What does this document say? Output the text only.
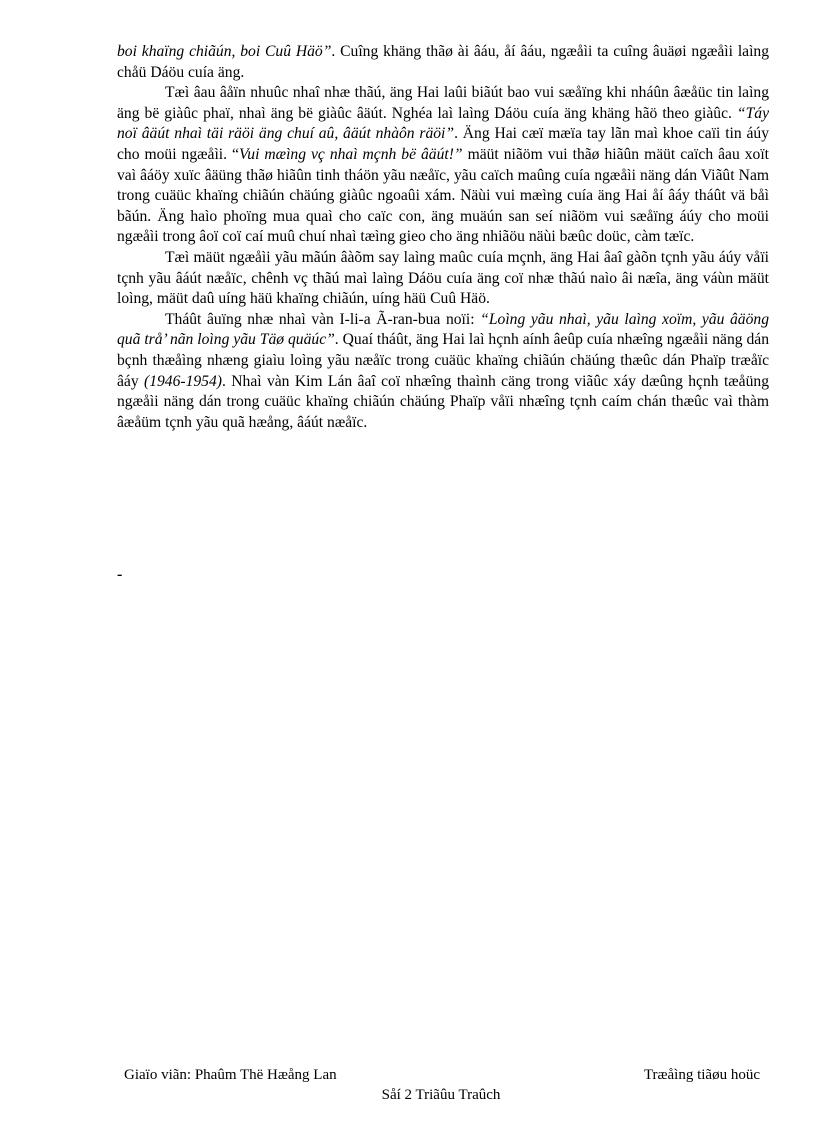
boi khaïng chiãún, boi Cuû Häö”. Cuîng khäng thãø ài âáu, åí âáu, ngæåìi ta cuîng âuäøi ngæåìi laìng chåü Dáöu cuía äng.

Tæì âau âåïn nhuûc nhaî nhæ thãú, äng Hai laûi biãút bao vui sæåïng khi nháûn âæåüc tin laìng äng bë giàûc phaï, nhaì äng bë giàûc âäút. Nghéa laì laìng Dáöu cuía äng khäng hãö theo giàûc. “Táy noï âäút nhaì täi räöi äng chuí aû, âäút nhàôn räöi”. Äng Hai cæï mæïa tay lãn maì khoe caïi tin áúy cho moüi ngæåìi. “Vui mæìng vç nhaì mçnh bë âäút!” mäüt niãöm vui thãø hiãûn mäüt caïch âau xoït vaì âáöy xuïc âäüng thãø hiãûn tinh tháön yãu næåïc, yãu caïch maûng cuía ngæåìi näng dán Viãût Nam trong cuäüc khaïng chiãún chäúng giàûc ngoaûi xám. Näùi vui mæìng cuía äng Hai åí âáy tháût vä båì bãún. Äng haìo phoïng mua quaì cho caïc con, äng muäún san seí niãöm vui sæåïng áúy cho moüi ngæåìi trong âoï coï caí muû chuí nhaì tæìng gieo cho äng nhiãöu näùi bæûc doüc, càm tæïc.

Tæì mäüt ngæåìi yãu mãún âàõm say laìng maûc cuía mçnh, äng Hai âaî gàõn tçnh yãu áúy våïi tçnh yãu âáút næåïc, chênh vç thãú maì laìng Dáöu cuía äng coï nhæ thãú naìo âi næîa, äng váùn mäüt loìng, mäüt daû uíng häü khaïng chiãún, uíng häü Cuû Häö.

Tháût âuïng nhæ nhaì vàn I-li-a Ã-ran-bua noïi: “Loìng yãu nhaì, yãu laìng xoïm, yãu âäöng quã trå’ nãn loìng yãu Täø quäúc”. Quaí tháût, äng Hai laì hçnh aính âeûp cuía nhæîng ngæåìi näng dán bçnh thæåìng nhæng giaìu loìng yãu næåïc trong cuäüc khaïng chiãún chäúng thæûc dán Phaïp træåïc âáy (1946-1954). Nhaì vàn Kim Lán âaî coï nhæîng thaình cäng trong viãûc xáy dæûng hçnh tæåüng ngæåìi näng dán trong cuäüc khaïng chiãún chäúng Phaïp våïi nhæîng tçnh caím chán thæûc vaì thàm âæåüm tçnh yãu quã hæång, âáút næåïc.

-
Giaïo viãn: Phaûm Thë Hæång Lan	Træåìng tiãøu hoüc
Såí 2 Triãûu Traûch
